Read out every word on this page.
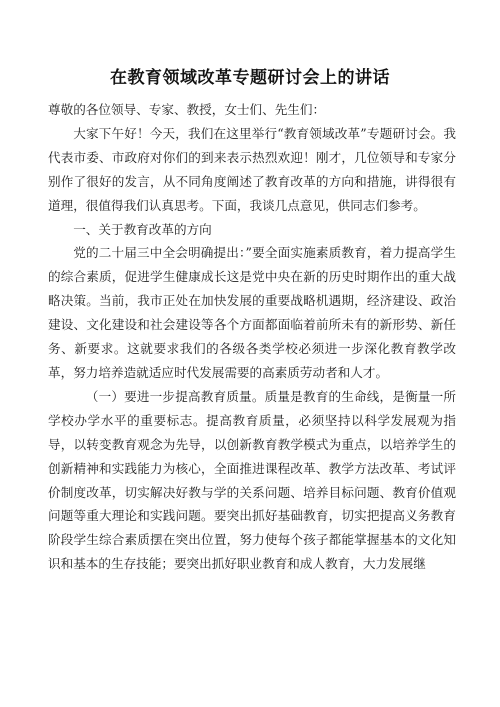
在教育领域改革专题研讨会上的讲话

尊敬的各位领导、专家、教授，女士们、先生们：

大家下午好！今天，我们在这里举行“教育领域改革”专题研讨会。我代表市委、市政府对你们的到来表示热烈欢迎！刚才，几位领导和专家分别作了很好的发言，从不同角度阐述了教育改革的方向和措施，讲得很有道理，很值得我们认真思考。下面，我谈几点意见，供同志们参考。

一、关于教育改革的方向

党的二十届三中全会明确提出：”要全面实施素质教育，着力提高学生的综合素质，促进学生健康成长这是党中央在新的历史时期作出的重大战略决策。当前，我市正处在加快发展的重要战略机遇期，经济建设、政治建设、文化建设和社会建设等各个方面都面临着前所未有的新形势、新任务、新要求。这就要求我们的各级各类学校必须进一步深化教育教学改革，努力培养造就适应时代发展需要的高素质劳动者和人才。

（一）要进一步提高教育质量。质量是教育的生命线，是衡量一所学校办学水平的重要标志。提高教育质量，必须坚持以科学发展观为指导，以转变教育观念为先导，以创新教育教学模式为重点，以培养学生的创新精神和实践能力为核心，全面推进课程改革、教学方法改革、考试评价制度改革，切实解决好教与学的关系问题、培养目标问题、教育价值观问题等重大理论和实践问题。要突出抓好基础教育，切实把提高义务教育阶段学生综合素质摆在突出位置，努力使每个孩子都能掌握基本的文化知识和基本的生存技能；要突出抓好职业教育和成人教育，大力发展继
